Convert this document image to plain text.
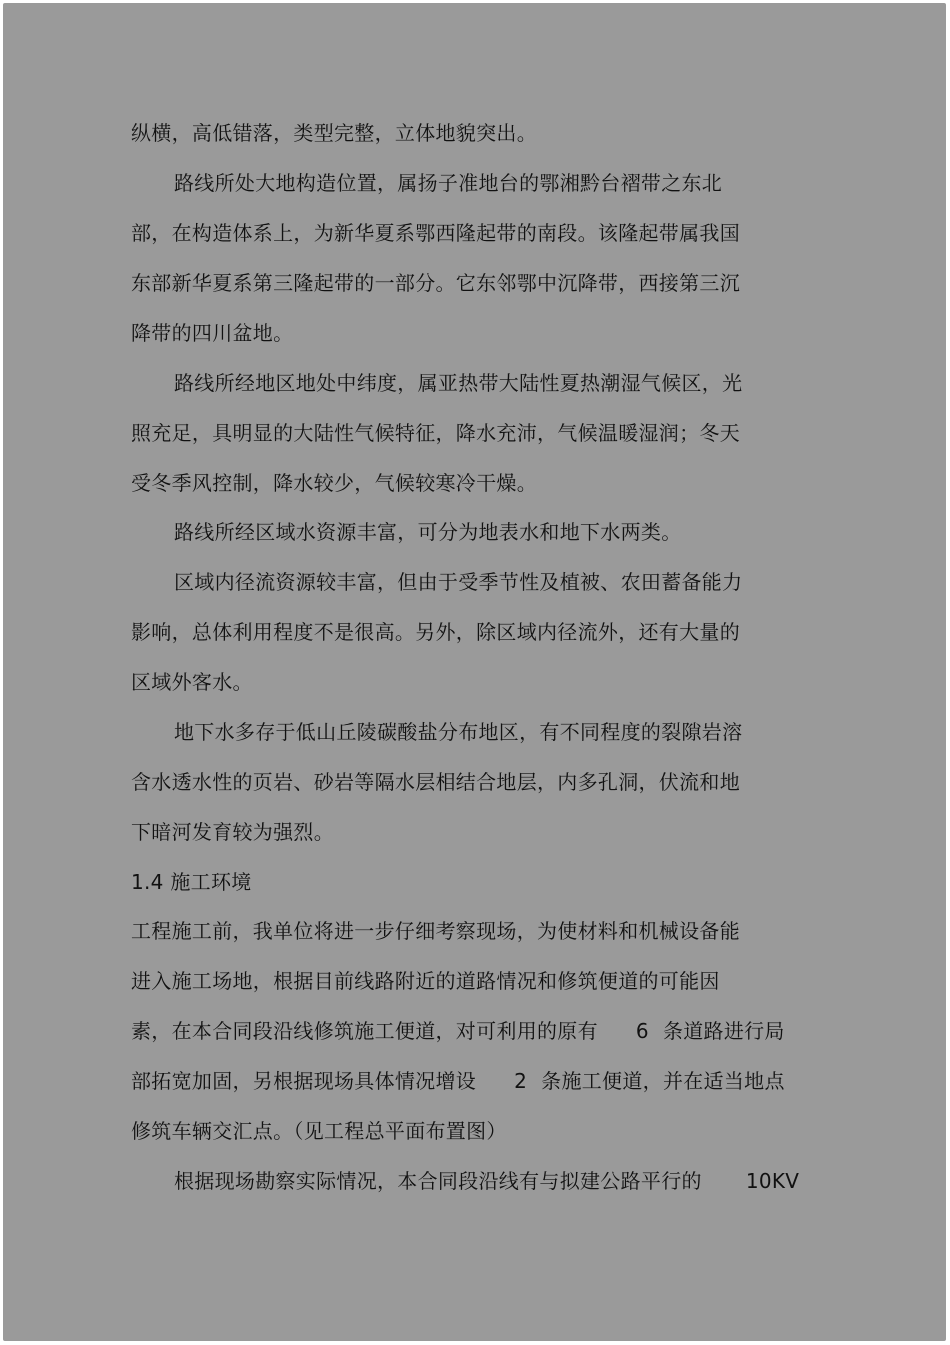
纵横，高低错落，类型完整，立体地貌突出。
路线所处大地构造位置，属扬子准地台的鄂湘黔台褶带之东北
部，在构造体系上，为新华夏系鄂西隆起带的南段。该隆起带属我国
东部新华夏系第三隆起带的一部分。它东邻鄂中沉降带，西接第三沉
降带的四川盆地。
路线所经地区地处中纬度，属亚热带大陆性夏热潮湿气候区，光
照充足，具明显的大陆性气候特征，降水充沛，气候温暖湿润；冬天
受冬季风控制，降水较少，气候较寒冷干燥。
路线所经区域水资源丰富，可分为地表水和地下水两类。
区域内径流资源较丰富，但由于受季节性及植被、农田蓄备能力
影响，总体利用程度不是很高。另外，除区域内径流外，还有大量的
区域外客水。
地下水多存于低山丘陵碳酸盐分布地区，有不同程度的裂隙岩溶
含水透水性的页岩、砂岩等隔水层相结合地层，内多孔洞，伏流和地
下暗河发育较为强烈。
1.4 施工环境
工程施工前，我单位将进一步仔细考察现场，为使材料和机械设备能
进入施工场地，根据目前线路附近的道路情况和修筑便道的可能因
素，在本合同段沿线修筑施工便道，对可利用的原有 6 条道路进行局
部拓宽加固，另根据现场具体情况增设 2 条施工便道，并在适当地点
修筑车辆交汇点。（见工程总平面布置图）
根据现场勘察实际情况，本合同段沿线有与拟建公路平行的 10KV
